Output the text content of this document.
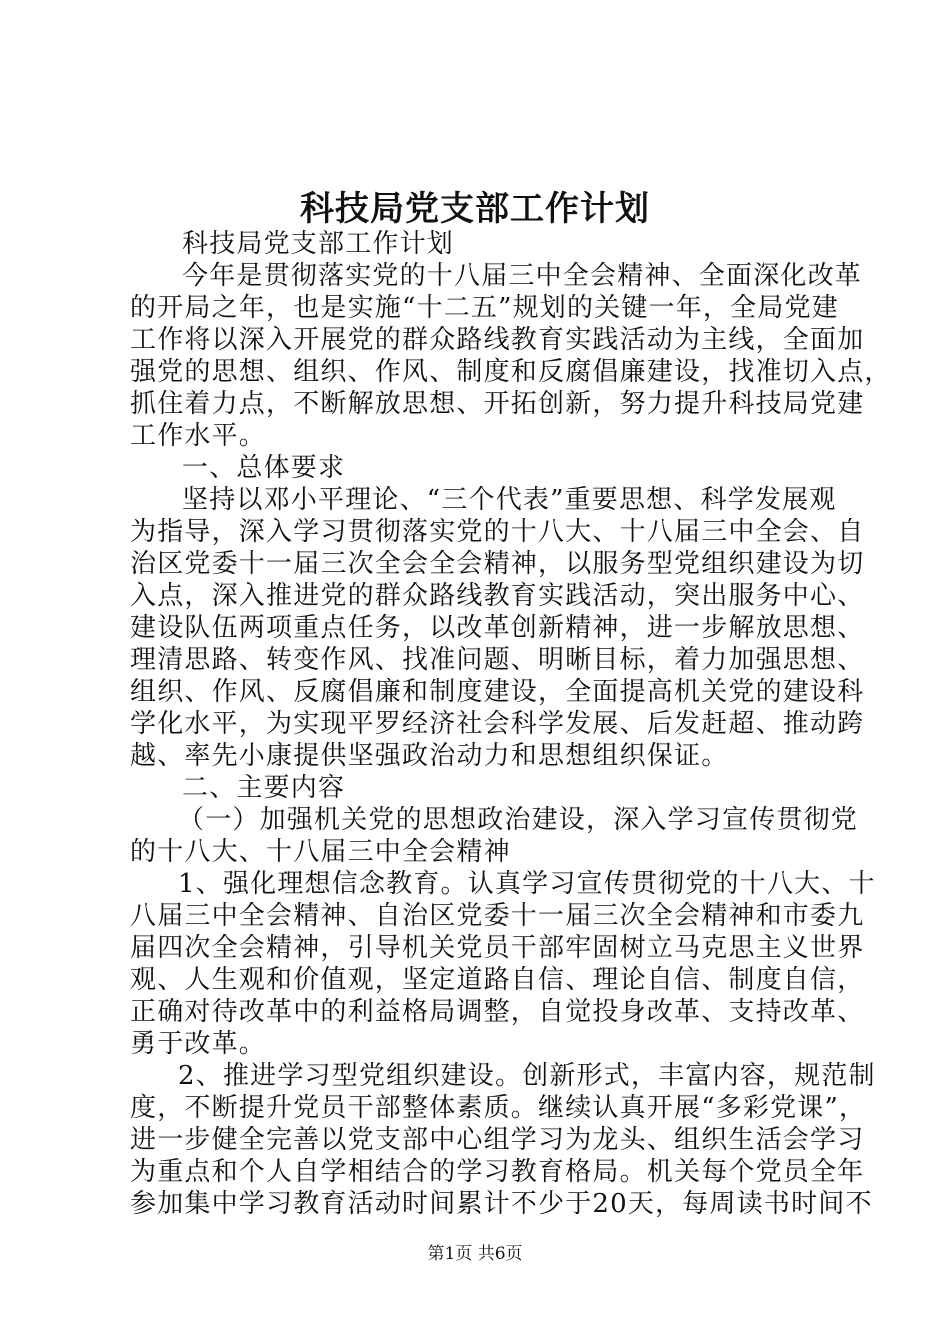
科技局党支部工作计划
科技局党支部工作计划
今年是贯彻落实党的十八届三中全会精神、全面深化改革
的开局之年，也是实施“十二五”规划的关键一年，全局党建
工作将以深入开展党的群众路线教育实践活动为主线，全面加
强党的思想、组织、作风、制度和反腐倡廉建设，找准切入点，
抓住着力点，不断解放思想、开拓创新，努力提升科技局党建
工作水平。
一、总体要求
坚持以邓小平理论、“三个代表”重要思想、科学发展观
为指导，深入学习贯彻落实党的十八大、十八届三中全会、自
治区党委十一届三次全会全会精神，以服务型党组织建设为切
入点，深入推进党的群众路线教育实践活动，突出服务中心、
建设队伍两项重点任务，以改革创新精神，进一步解放思想、
理清思路、转变作风、找准问题、明晰目标，着力加强思想、
组织、作风、反腐倡廉和制度建设，全面提高机关党的建设科
学化水平，为实现平罗经济社会科学发展、后发赶超、推动跨
越、率先小康提供坚强政治动力和思想组织保证。
二、主要内容
（一）加强机关党的思想政治建设，深入学习宣传贯彻党
的十八大、十八届三中全会精神
1、强化理想信念教育。认真学习宣传贯彻党的十八大、十
八届三中全会精神、自治区党委十一届三次全会精神和市委九
届四次全会精神，引导机关党员干部牢固树立马克思主义世界
观、人生观和价值观，坚定道路自信、理论自信、制度自信，
正确对待改革中的利益格局调整，自觉投身改革、支持改革、
勇于改革。
2、推进学习型党组织建设。创新形式，丰富内容，规范制
度，不断提升党员干部整体素质。继续认真开展“多彩党课”，
进一步健全完善以党支部中心组学习为龙头、组织生活会学习
为重点和个人自学相结合的学习教育格局。机关每个党员全年
参加集中学习教育活动时间累计不少于20天，每周读书时间不
第1页 共6页
